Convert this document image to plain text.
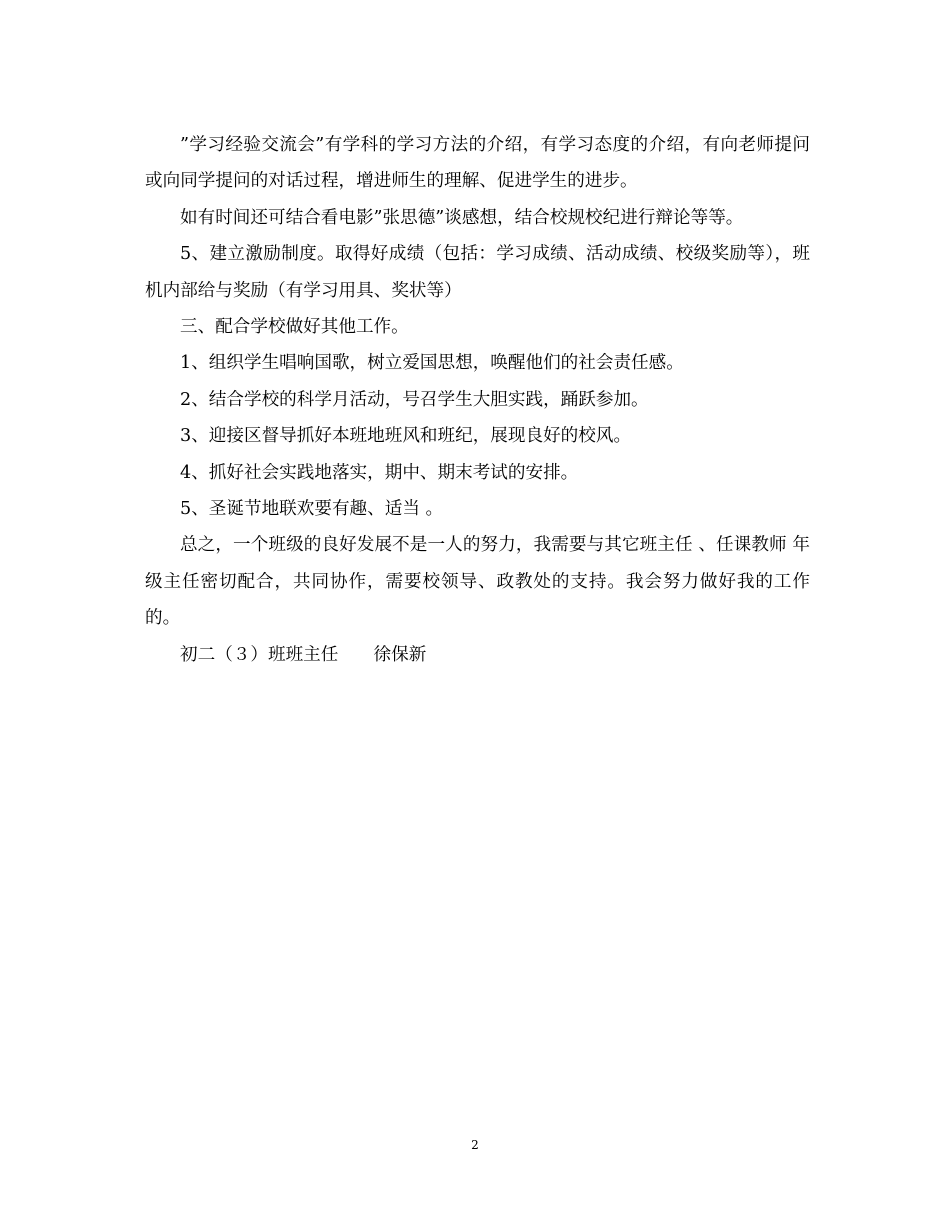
”学习经验交流会”有学科的学习方法的介绍，有学习态度的介绍，有向老师提问或向同学提问的对话过程，增进师生的理解、促进学生的进步。

如有时间还可结合看电影”张思德”谈感想，结合校规校纪进行辩论等等。

5、建立激励制度。取得好成绩（包括：学习成绩、活动成绩、校级奖励等），班机内部给与奖励（有学习用具、奖状等）

三、配合学校做好其他工作。

1、组织学生唱响国歌，树立爱国思想，唤醒他们的社会责任感。

2、结合学校的科学月活动，号召学生大胆实践，踊跃参加。

3、迎接区督导抓好本班地班风和班纪，展现良好的校风。

4、抓好社会实践地落实，期中、期末考试的安排。

5、圣诞节地联欢要有趣、适当 。

总之，一个班级的良好发展不是一人的努力，我需要与其它班主任 、任课教师 年级主任密切配合，共同协作，需要校领导、政教处的支持。我会努力做好我的工作的。

初二（３）班班主任　　徐保新

2
